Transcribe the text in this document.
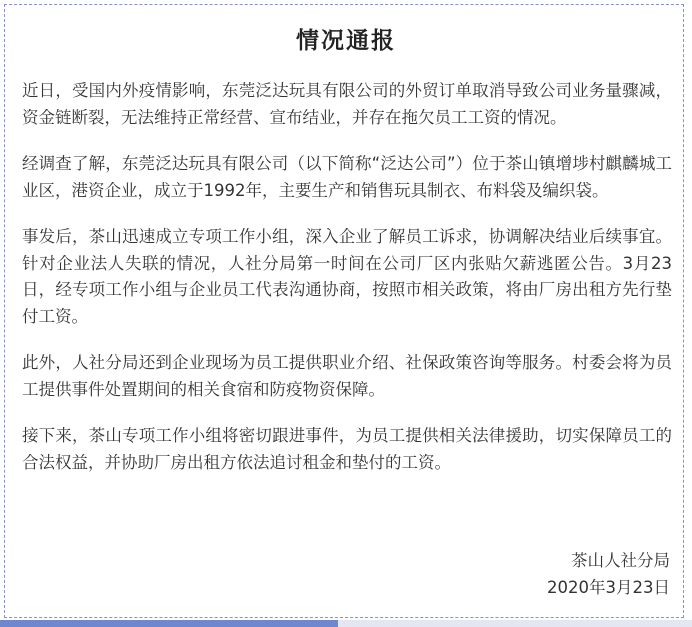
情况通报

近日，受国内外疫情影响，东莞泛达玩具有限公司的外贸订单取消导致公司业务量骤减，资金链断裂，无法维持正常经营、宣布结业，并存在拖欠员工工资的情况。

经调查了解，东莞泛达玩具有限公司（以下简称“泛达公司”）位于茶山镇增埗村麒麟城工业区，港资企业，成立于1992年，主要生产和销售玩具制衣、布料袋及编织袋。

事发后，茶山迅速成立专项工作小组，深入企业了解员工诉求，协调解决结业后续事宜。针对企业法人失联的情况，人社分局第一时间在公司厂区内张贴欠薪逃匿公告。3月23日，经专项工作小组与企业员工代表沟通协商，按照市相关政策，将由厂房出租方先行垫付工资。

此外，人社分局还到企业现场为员工提供职业介绍、社保政策咨询等服务。村委会将为员工提供事件处置期间的相关食宿和防疫物资保障。

接下来，茶山专项工作小组将密切跟进事件，为员工提供相关法律援助，切实保障员工的合法权益，并协助厂房出租方依法追讨租金和垫付的工资。

茶山人社分局
2020年3月23日
